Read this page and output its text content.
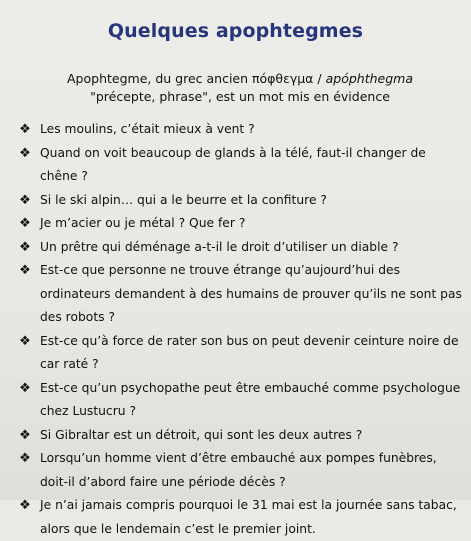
Quelques apophtegmes
Apophtegme, du grec ancien πόφθεγμα / apóphthegma "précepte, phrase", est un mot mis en évidence
❖ Les moulins, c’était mieux à vent ?
❖ Quand on voit beaucoup de glands à la télé, faut-il changer de chêne ?
❖ Si le ski alpin… qui a le beurre et la confiture ?
❖ Je m’acier ou je métal ? Que fer ?
❖ Un prêtre qui déménage a-t-il le droit d’utiliser un diable ?
❖ Est-ce que personne ne trouve étrange qu’aujourd’hui des ordinateurs demandent à des humains de prouver qu’ils ne sont pas des robots ?
❖ Est-ce qu’à force de rater son bus on peut devenir ceinture noire de car raté ?
❖ Est-ce qu’un psychopathe peut être embauché comme psychologue chez Lustucru ?
❖ Si Gibraltar est un détroit, qui sont les deux autres ?
❖ Lorsqu’un homme vient d’être embauché aux pompes funèbres, doit-il d’abord faire une période décès ?
❖ Je n’ai jamais compris pourquoi le 31 mai est la journée sans tabac, alors que le lendemain c’est le premier joint.
